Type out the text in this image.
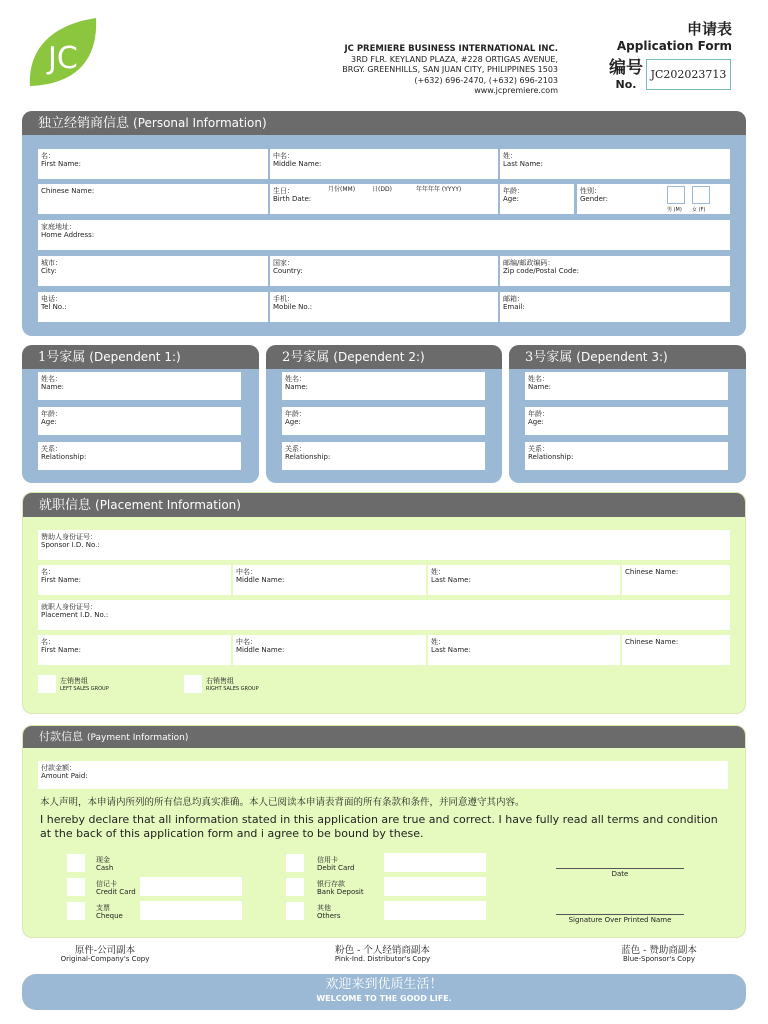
JC	JC PREMIERE BUSINESS INTERNATIONAL INC.
3RD FLR. KEYLAND PLAZA, #228 ORTIGAS AVENUE,
BRGY. GREENHILLS, SAN JUAN CITY, PHILIPPINES 1503
(+632) 696-2470, (+632) 696-2103
www.jcpremiere.com
申请表
Application Form
编号
No.
JC202023713
独立经销商信息 (Personal Information)
名：
First Name:
中名：
Middle Name:
姓：
Last Name:
Chinese Name:	生日：
Birth Date:
月份(MM)	日(DD)	年年年年 (YYYY)	年龄：
Age:
性别：
Gender:
男 (M) 女 (F)
家庭地址：
Home Address:
城市：
City:
国家：
Country:
邮编/邮政编码：
Zip code/Postal Code:
电话：
Tel No.:
手机：
Mobile No.:
邮箱：
Email:
1号家属 (Dependent 1:)
姓名：
Name:
年龄：
Age:
关系：
Relationship:
2号家属 (Dependent 2:)
姓名：
Name:
年龄：
Age:
关系：
Relationship:
3号家属 (Dependent 3:)
姓名：
Name:
年龄：
Age:
关系：
Relationship:
就职信息 (Placement Information)
赞助人身份证号：
Sponsor I.D. No.:
名：
First Name:
中名：
Middle Name:
姓：
Last Name:
Chinese Name:
就职人身份证号：
Placement I.D. No.:
名：
First Name:
中名：
Middle Name:
姓：
Last Name:
Chinese Name:
左销售组
LEFT SALES GROUP
右销售组
RIGHT SALES GROUP
付款信息 (Payment Information)
付款金额：
Amount Paid:
本人声明，本申请内所列的所有信息均真实准确。本人已阅读本申请表背面的所有条款和条件，并同意遵守其内容。
I hereby declare that all information stated in this application are true and correct. I have fully read all terms and condition at the back of this application form and i agree to be bound by these.
现金
Cash
信记卡
Credit Card
支票
Cheque
信用卡
Debit Card
银行存款
Bank Deposit
其他
Others
Date
Signature Over Printed Name
原件-公司副本
Original-Company's Copy
粉色 - 个人经销商副本
Pink-Ind. Distributor's Copy
蓝色 - 赞助商副本
Blue-Sponsor's Copy
欢迎来到优质生活！
WELCOME TO THE GOOD LIFE.
